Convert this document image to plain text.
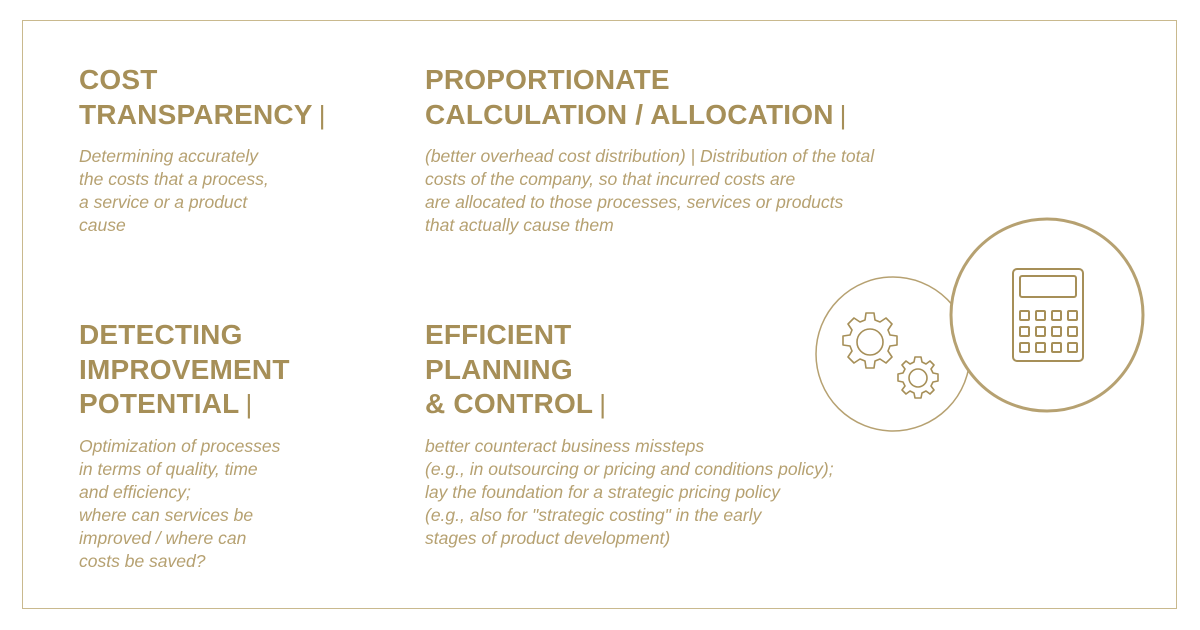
COST
TRANSPARENCY |

Determining accurately
the costs that a process,
a service or a product
cause

PROPORTIONATE
CALCULATION / ALLOCATION |

(better overhead cost distribution) | Distribution of the total
costs of the company, so that incurred costs are
are allocated to those processes, services or products
that actually cause them

DETECTING
IMPROVEMENT
POTENTIAL |

Optimization of processes
in terms of quality, time
and efficiency;
where can services be
improved / where can
costs be saved?

EFFICIENT
PLANNING
& CONTROL |

better counteract business missteps
(e.g., in outsourcing or pricing and conditions policy);
lay the foundation for a strategic pricing policy
(e.g., also for "strategic costing" in the early
stages of product development)
